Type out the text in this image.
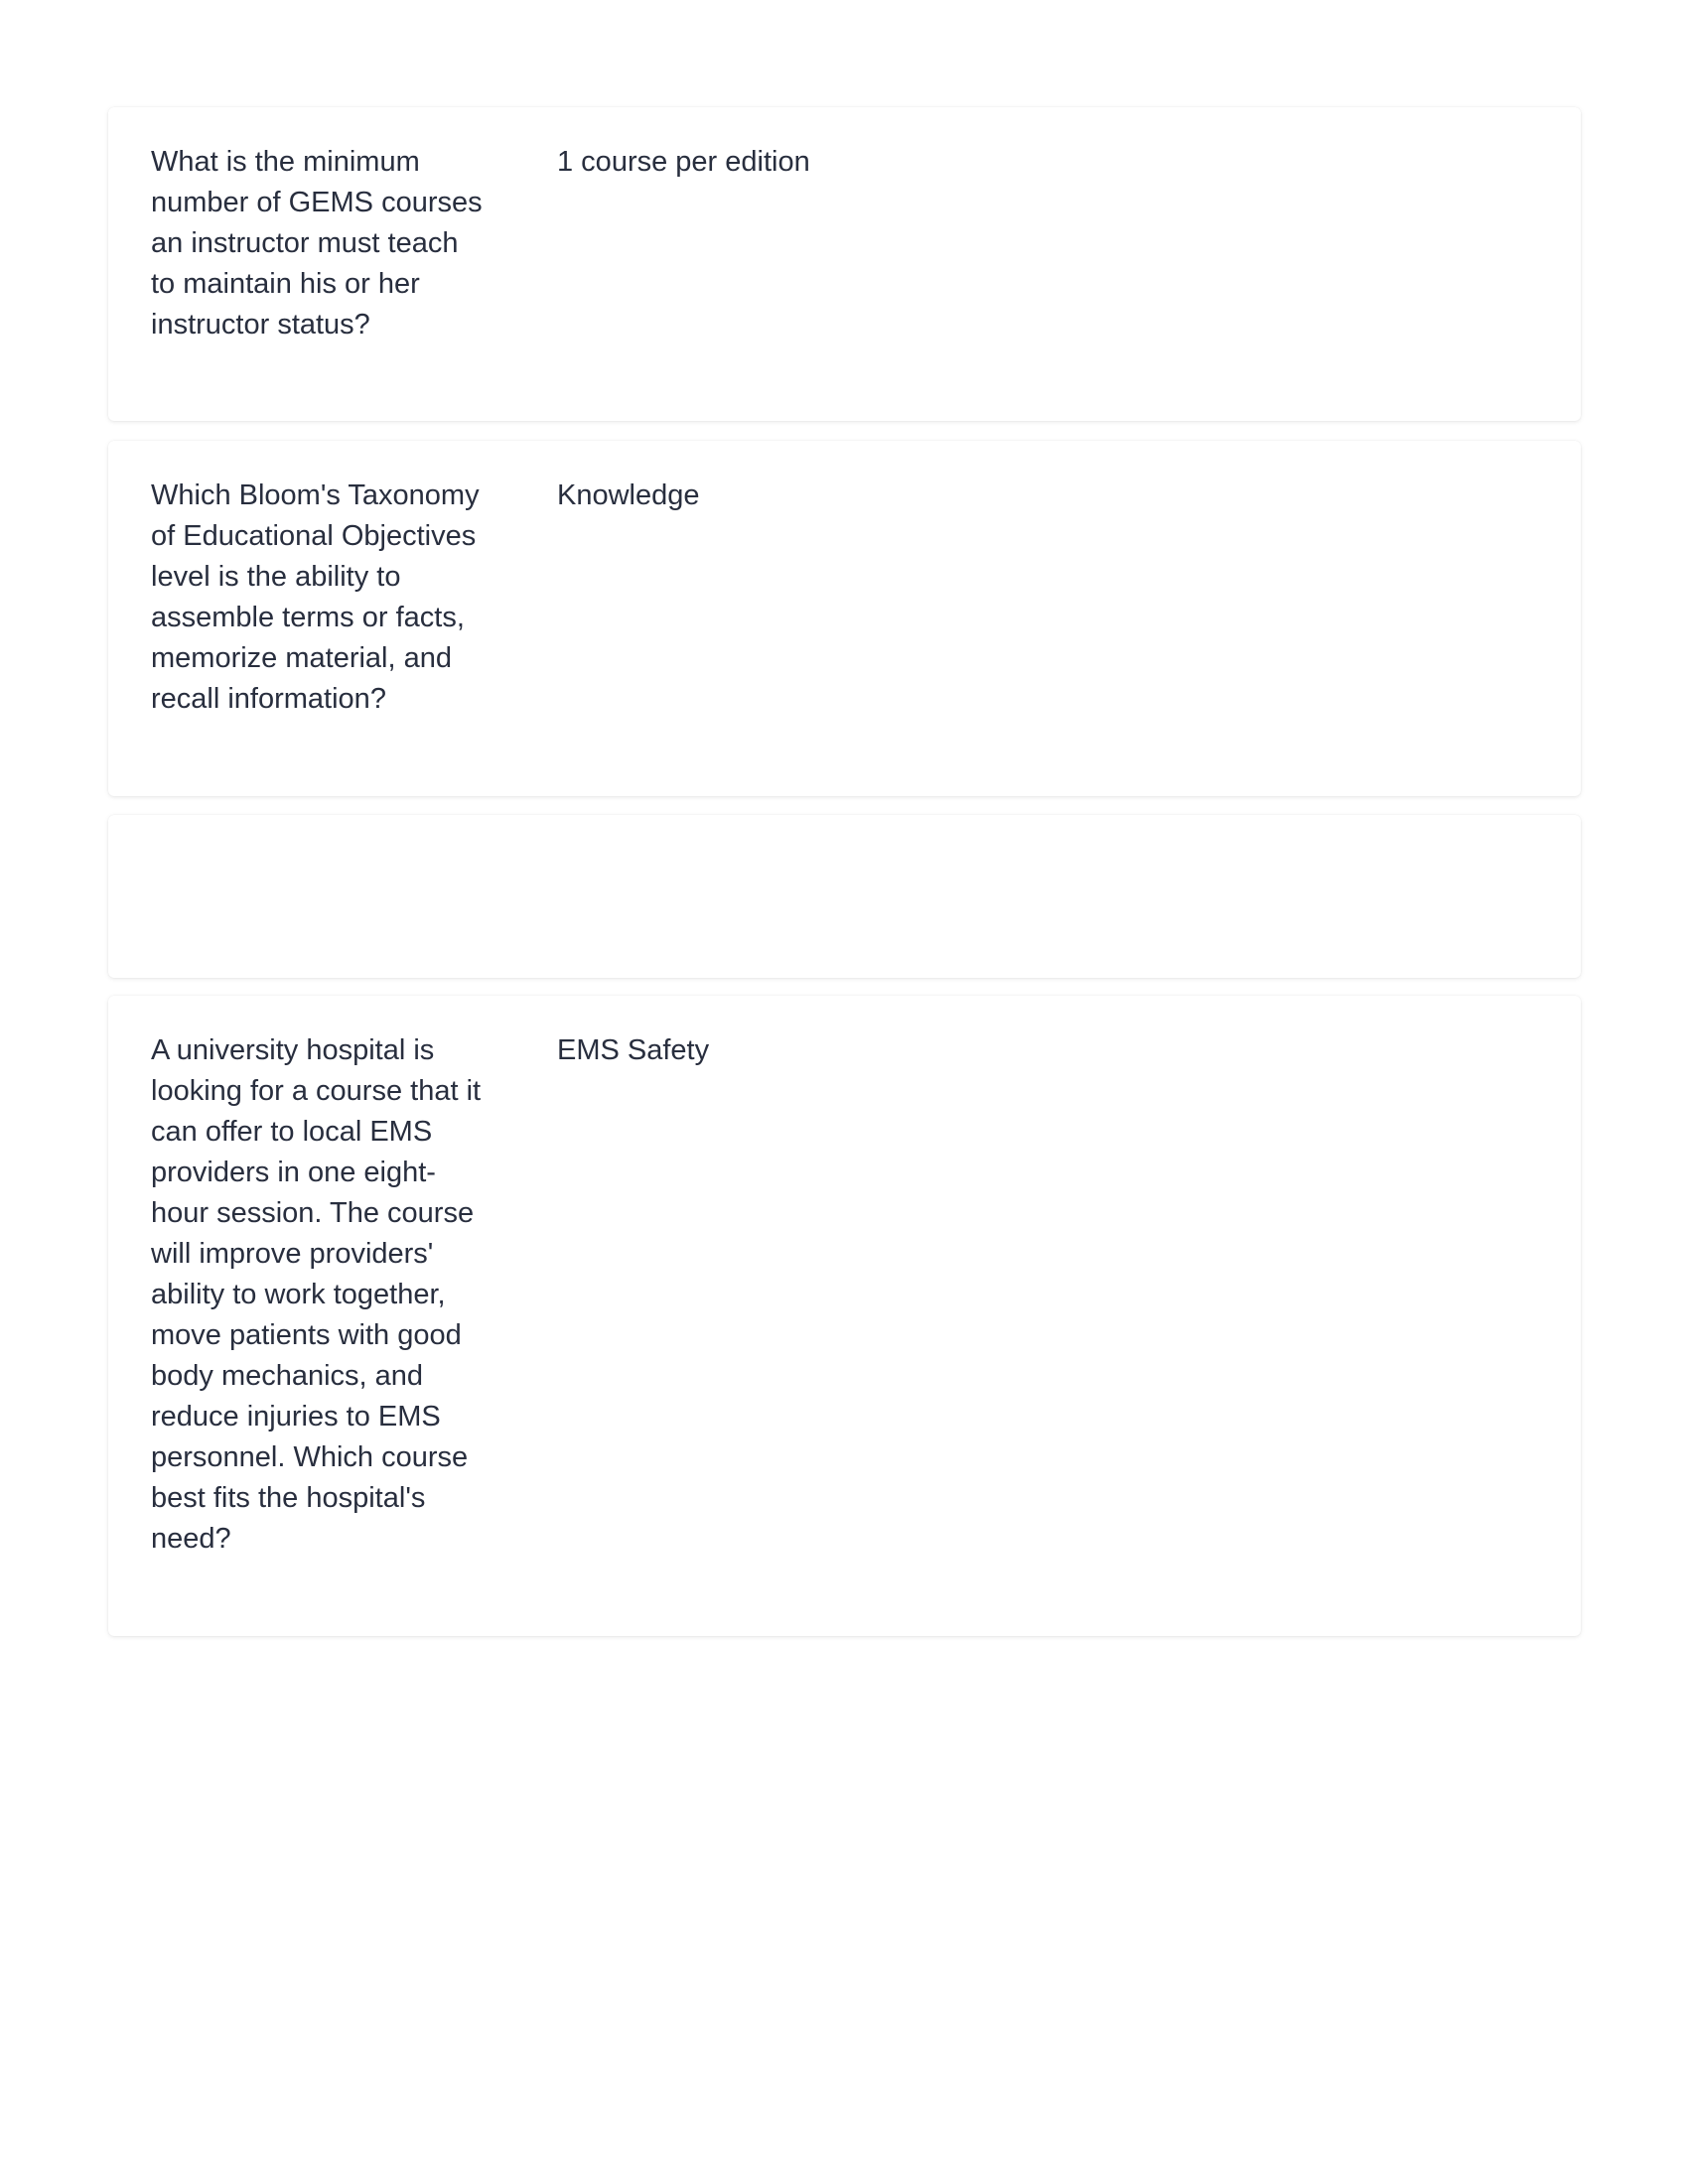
What is the minimum number of GEMS courses an instructor must teach to maintain his or her instructor status?
1 course per edition
Which Bloom's Taxonomy of Educational Objectives level is the ability to assemble terms or facts, memorize material, and recall information?
Knowledge
A university hospital is looking for a course that it can offer to local EMS providers in one eight-hour session. The course will improve providers' ability to work together, move patients with good body mechanics, and reduce injuries to EMS personnel. Which course best fits the hospital's need?
EMS Safety
